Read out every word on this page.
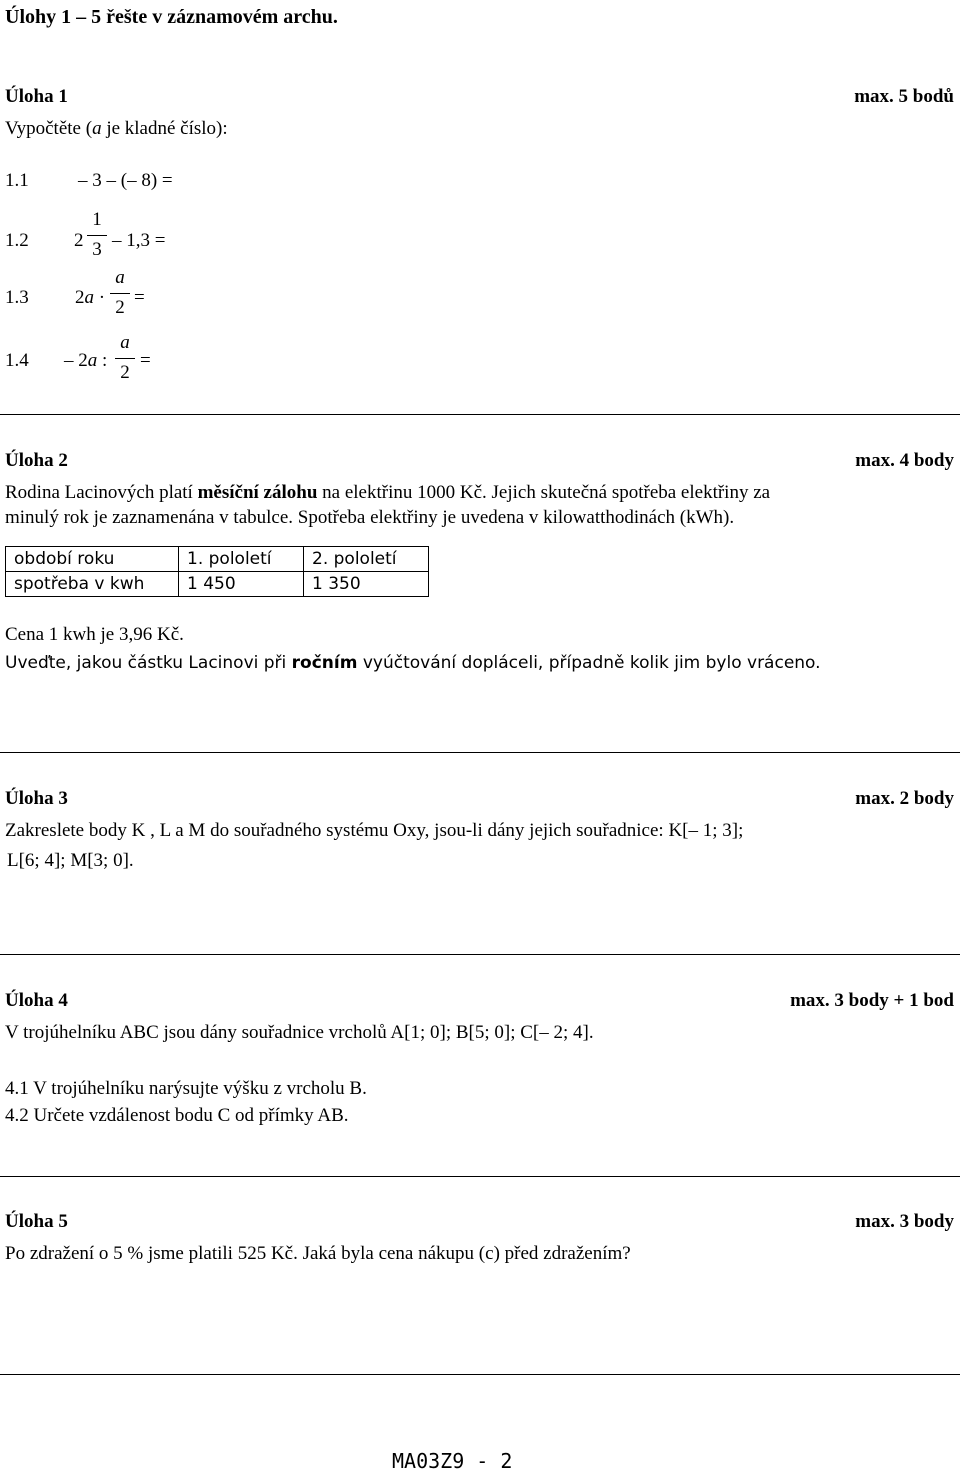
Úlohy 1 – 5 řešte v záznamovém archu.
Úloha 1	max. 5 bodů
Vypočtěte (a je kladné číslo):
1.1	– 3 – (– 8) =
1.2 2
1
3 – 1,3 =
1.3 2a ·
a
2 =
1.4 – 2a :
a
2
=
Úloha 2	max. 4 body
Rodina Lacinových platí měsíční zálohu na elektřinu 1000 Kč. Jejich skutečná spotřeba elektřiny za
minulý rok je zaznamenána v tabulce. Spotřeba elektřiny je uvedena v kilowatthodinách (kWh).
období roku	1. pololetí	2. pololetí
spotřeba v kwh	1 450	1 350
Cena 1 kwh je 3,96 Kč.
Uveďte, jakou částku Lacinovi při ročním vyúčtování dopláceli, případně kolik jim bylo vráceno.
Úloha 3	max. 2 body
Zakreslete body K , L a M do souřadného systému Oxy, jsou-li dány jejich souřadnice: K[– 1; 3];
L[6; 4]; M[3; 0].
Úloha 4	max. 3 body + 1 bod
V trojúhelníku ABC jsou dány souřadnice vrcholů A[1; 0]; B[5; 0]; C[– 2; 4].
4.1 V trojúhelníku narýsujte výšku z vrcholu B.
4.2 Určete vzdálenost bodu C od přímky AB.
Úloha 5	max. 3 body
Po zdražení o 5 % jsme platili 525 Kč. Jaká byla cena nákupu (c) před zdražením?
MA03Z9 - 2
